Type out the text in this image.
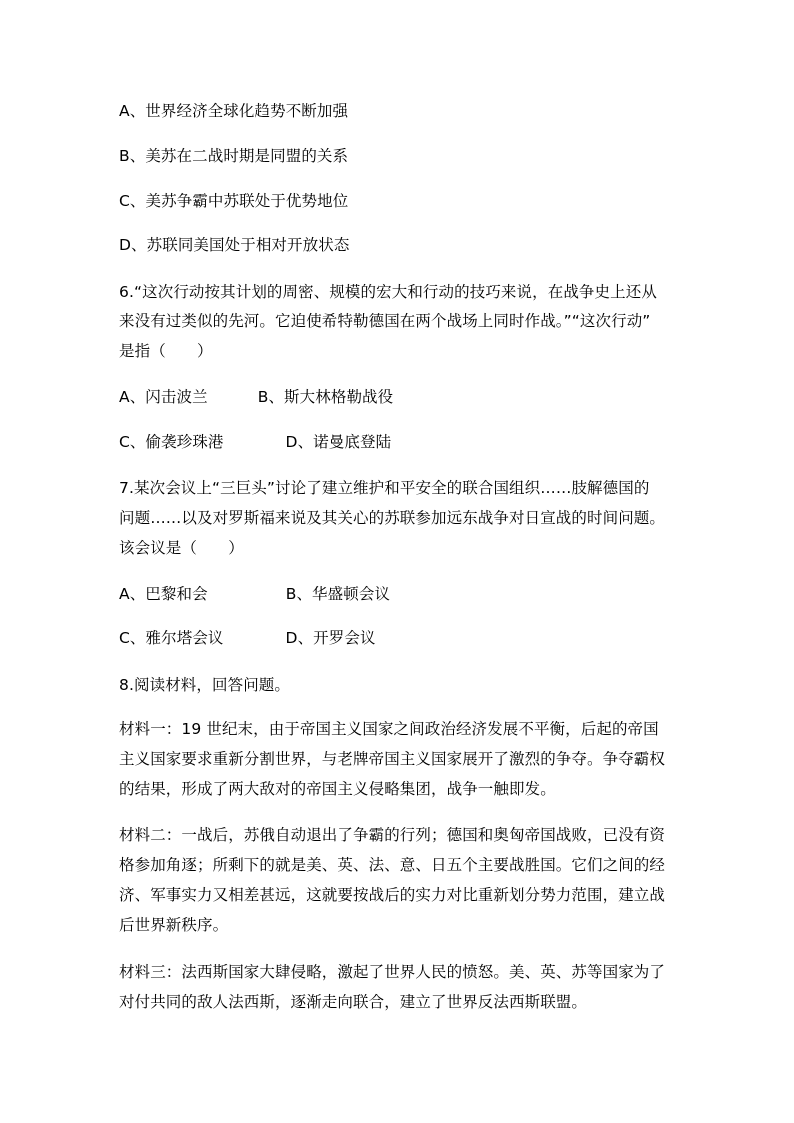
A、世界经济全球化趋势不断加强
B、美苏在二战时期是同盟的关系
C、美苏争霸中苏联处于优势地位
D、苏联同美国处于相对开放状态
6.“这次行动按其计划的周密、规模的宏大和行动的技巧来说，在战争史上还从
来没有过类似的先河。它迫使希特勒德国在两个战场上同时作战。”“这次行动”
是指（　　）
A、闪击波兰	B、斯大林格勒战役
C、偷袭珍珠港	D、诺曼底登陆
7.某次会议上“三巨头”讨论了建立维护和平安全的联合国组织……肢解德国的
问题……以及对罗斯福来说及其关心的苏联参加远东战争对日宣战的时间问题。
该会议是（　　）
A、巴黎和会	B、华盛顿会议
C、雅尔塔会议	D、开罗会议
8.阅读材料，回答问题。
材料一：19 世纪末，由于帝国主义国家之间政治经济发展不平衡，后起的帝国
主义国家要求重新分割世界，与老牌帝国主义国家展开了激烈的争夺。争夺霸权
的结果，形成了两大敌对的帝国主义侵略集团，战争一触即发。
材料二：一战后，苏俄自动退出了争霸的行列；德国和奥匈帝国战败，已没有资
格参加角逐；所剩下的就是美、英、法、意、日五个主要战胜国。它们之间的经
济、军事实力又相差甚远，这就要按战后的实力对比重新划分势力范围，建立战
后世界新秩序。
材料三：法西斯国家大肆侵略，激起了世界人民的愤怒。美、英、苏等国家为了
对付共同的敌人法西斯，逐渐走向联合，建立了世界反法西斯联盟。
